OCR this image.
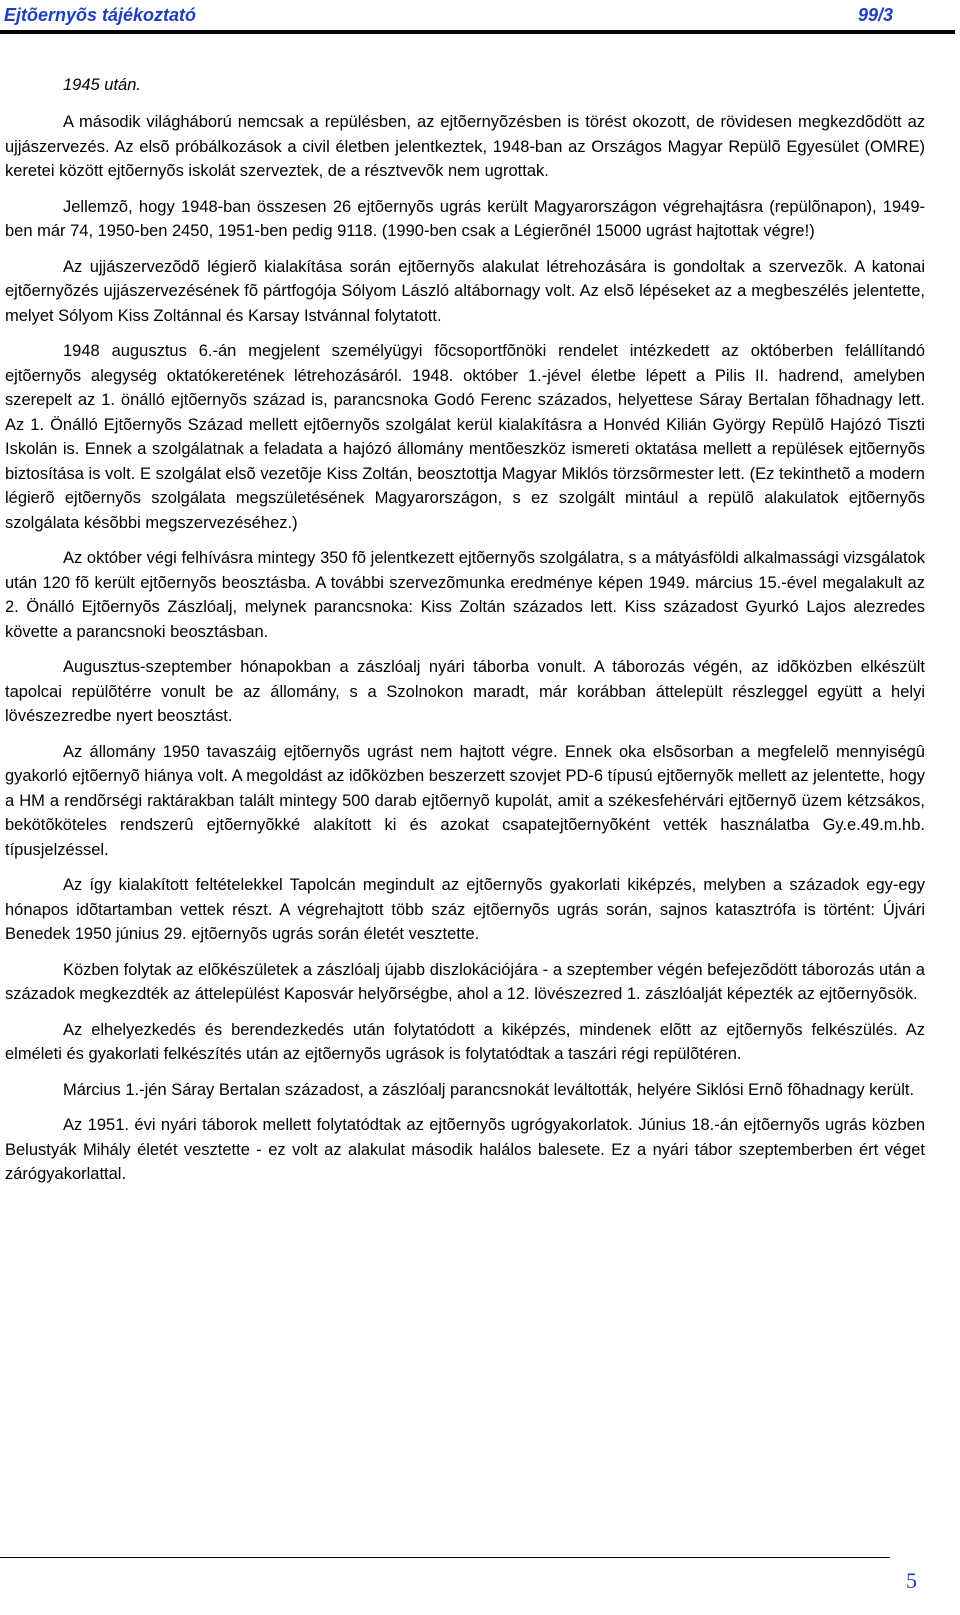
Ejtõernyõs tájékoztató	99/3
1945 után.

A második világháború nemcsak a repülésben, az ejtõernyõzésben is törést okozott, de rövidesen megkezdõdött az ujjászervezés. Az elsõ próbálkozások a civil életben jelentkeztek, 1948-ban az Országos Magyar Repülõ Egyesület (OMRE) keretei között ejtõernyõs iskolát szerveztek, de a résztvevõk nem ugrottak.

Jellemzõ, hogy 1948-ban összesen 26 ejtõernyõs ugrás került Magyarországon végrehajtásra (repülõnapon), 1949-ben már 74, 1950-ben 2450, 1951-ben pedig 9118. (1990-ben csak a Légierõnél 15000 ugrást hajtottak végre!)

Az ujjászervezõdõ légierõ kialakítása során ejtõernyõs alakulat létrehozására is gondoltak a szervezõk. A katonai ejtõernyõzés ujjászervezésének fõ pártfogója Sólyom László altábornagy volt. Az elsõ lépéseket az a megbeszélés jelentette, melyet Sólyom Kiss Zoltánnal és Karsay Istvánnal folytatott.

1948 augusztus 6.-án megjelent személyügyi fõcsoportfõnöki rendelet intézkedett az októberben felállítandó ejtõernyõs alegység oktatókeretének létrehozásáról. 1948. október 1.-jével életbe lépett a Pilis II. hadrend, amelyben szerepelt az 1. önálló ejtõernyõs század is, parancsnoka Godó Ferenc százados, helyettese Sáray Bertalan fõhadnagy lett. Az 1. Önálló Ejtõernyõs Század mellett ejtõernyõs szolgálat kerül kialakításra a Honvéd Kilián György Repülõ Hajózó Tiszti Iskolán is. Ennek a szolgálatnak a feladata a hajózó állomány mentõeszköz ismereti oktatása mellett a repülések ejtõernyõs biztosítása is volt. E szolgálat elsõ vezetõje Kiss Zoltán, beosztottja Magyar Miklós törzsõrmester lett. (Ez tekinthetõ a modern légierõ ejtõernyõs szolgálata megszületésének Magyarországon, s ez szolgált mintául a repülõ alakulatok ejtõernyõs szolgálata késõbbi megszervezéséhez.)

Az október végi felhívásra mintegy 350 fõ jelentkezett ejtõernyõs szolgálatra, s a mátyásföldi alkalmassági vizsgálatok után 120 fõ került ejtõernyõs beosztásba. A további szervezõmunka eredménye képen 1949. március 15.-ével megalakult az 2. Önálló Ejtõernyõs Zászlóalj, melynek parancsnoka: Kiss Zoltán százados lett. Kiss századost Gyurkó Lajos alezredes követte a parancsnoki beosztásban.

Augusztus-szeptember hónapokban a zászlóalj nyári táborba vonult. A táborozás végén, az idõközben elkészült tapolcai repülõtérre vonult be az állomány, s a Szolnokon maradt, már korábban áttelepült részleggel együtt a helyi lövészezredbe nyert beosztást.

Az állomány 1950 tavaszáig ejtõernyõs ugrást nem hajtott végre. Ennek oka elsõsorban a megfelelõ mennyiségû gyakorló ejtõernyõ hiánya volt. A megoldást az idõközben beszerzett szovjet PD-6 típusú ejtõernyõk mellett az jelentette, hogy a HM a rendõrségi raktárakban talált mintegy 500 darab ejtõernyõ kupolát, amit a székesfehérvári ejtõernyõ üzem kétzsákos, bekötõköteles rendszerû ejtõernyõkké alakított ki és azokat csapatejtõernyõként vették használatba Gy.e.49.m.hb. típusjelzéssel.

Az így kialakított feltételekkel Tapolcán megindult az ejtõernyõs gyakorlati kiképzés, melyben a századok egy-egy hónapos idõtartamban vettek részt. A végrehajtott több száz ejtõernyõs ugrás során, sajnos katasztrófa is történt: Újvári Benedek 1950 június 29. ejtõernyõs ugrás során életét vesztette.

Közben folytak az elõkészületek a zászlóalj újabb diszlokációjára - a szeptember végén befejezõdött táborozás után a századok megkezdték az áttelepülést Kaposvár helyõrségbe, ahol a 12. lövészezred 1. zászlóalját képezték az ejtõernyõsök.

Az elhelyezkedés és berendezkedés után folytatódott a kiképzés, mindenek elõtt az ejtõernyõs felkészülés. Az elméleti és gyakorlati felkészítés után az ejtõernyõs ugrások is folytatódtak a taszári régi repülõtéren.

Március 1.-jén Sáray Bertalan századost, a zászlóalj parancsnokát leváltották, helyére Siklósi Ernõ fõhadnagy került.

Az 1951. évi nyári táborok mellett folytatódtak az ejtõernyõs ugrógyakorlatok. Június 18.-án ejtõernyõs ugrás közben Belustyák Mihály életét vesztette - ez volt az alakulat második halálos balesete. Ez a nyári tábor szeptemberben ért véget zárógyakorlattal.

5
